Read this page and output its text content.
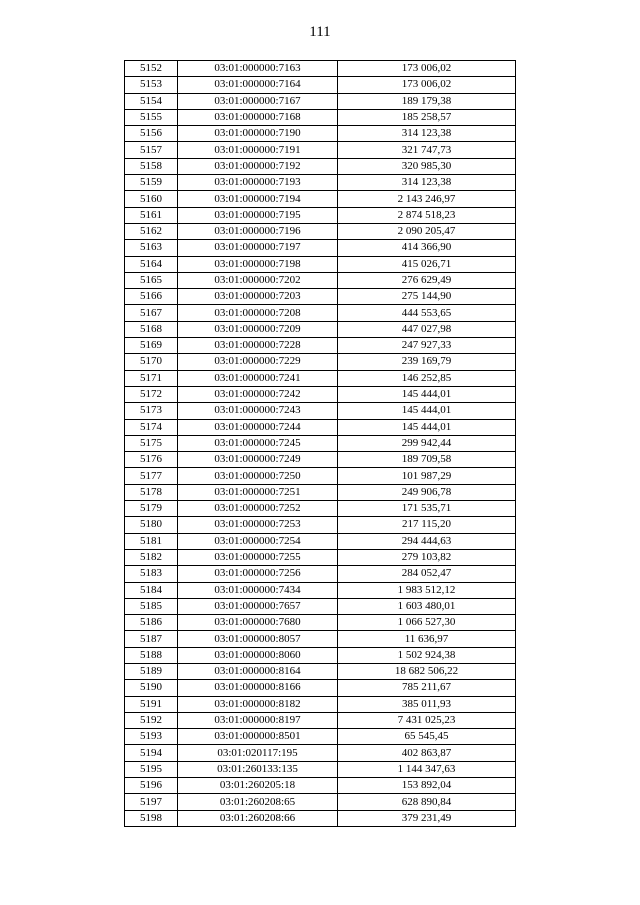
111
5152	03:01:000000:7163	173 006,02
5153	03:01:000000:7164	173 006,02
5154	03:01:000000:7167	189 179,38
5155	03:01:000000:7168	185 258,57
5156	03:01:000000:7190	314 123,38
5157	03:01:000000:7191	321 747,73
5158	03:01:000000:7192	320 985,30
5159	03:01:000000:7193	314 123,38
5160	03:01:000000:7194	2 143 246,97
5161	03:01:000000:7195	2 874 518,23
5162	03:01:000000:7196	2 090 205,47
5163	03:01:000000:7197	414 366,90
5164	03:01:000000:7198	415 026,71
5165	03:01:000000:7202	276 629,49
5166	03:01:000000:7203	275 144,90
5167	03:01:000000:7208	444 553,65
5168	03:01:000000:7209	447 027,98
5169	03:01:000000:7228	247 927,33
5170	03:01:000000:7229	239 169,79
5171	03:01:000000:7241	146 252,85
5172	03:01:000000:7242	145 444,01
5173	03:01:000000:7243	145 444,01
5174	03:01:000000:7244	145 444,01
5175	03:01:000000:7245	299 942,44
5176	03:01:000000:7249	189 709,58
5177	03:01:000000:7250	101 987,29
5178	03:01:000000:7251	249 906,78
5179	03:01:000000:7252	171 535,71
5180	03:01:000000:7253	217 115,20
5181	03:01:000000:7254	294 444,63
5182	03:01:000000:7255	279 103,82
5183	03:01:000000:7256	284 052,47
5184	03:01:000000:7434	1 983 512,12
5185	03:01:000000:7657	1 603 480,01
5186	03:01:000000:7680	1 066 527,30
5187	03:01:000000:8057	11 636,97
5188	03:01:000000:8060	1 502 924,38
5189	03:01:000000:8164	18 682 506,22
5190	03:01:000000:8166	785 211,67
5191	03:01:000000:8182	385 011,93
5192	03:01:000000:8197	7 431 025,23
5193	03:01:000000:8501	65 545,45
5194	03:01:020117:195	402 863,87
5195	03:01:260133:135	1 144 347,63
5196	03:01:260205:18	153 892,04
5197	03:01:260208:65	628 890,84
5198	03:01:260208:66	379 231,49
